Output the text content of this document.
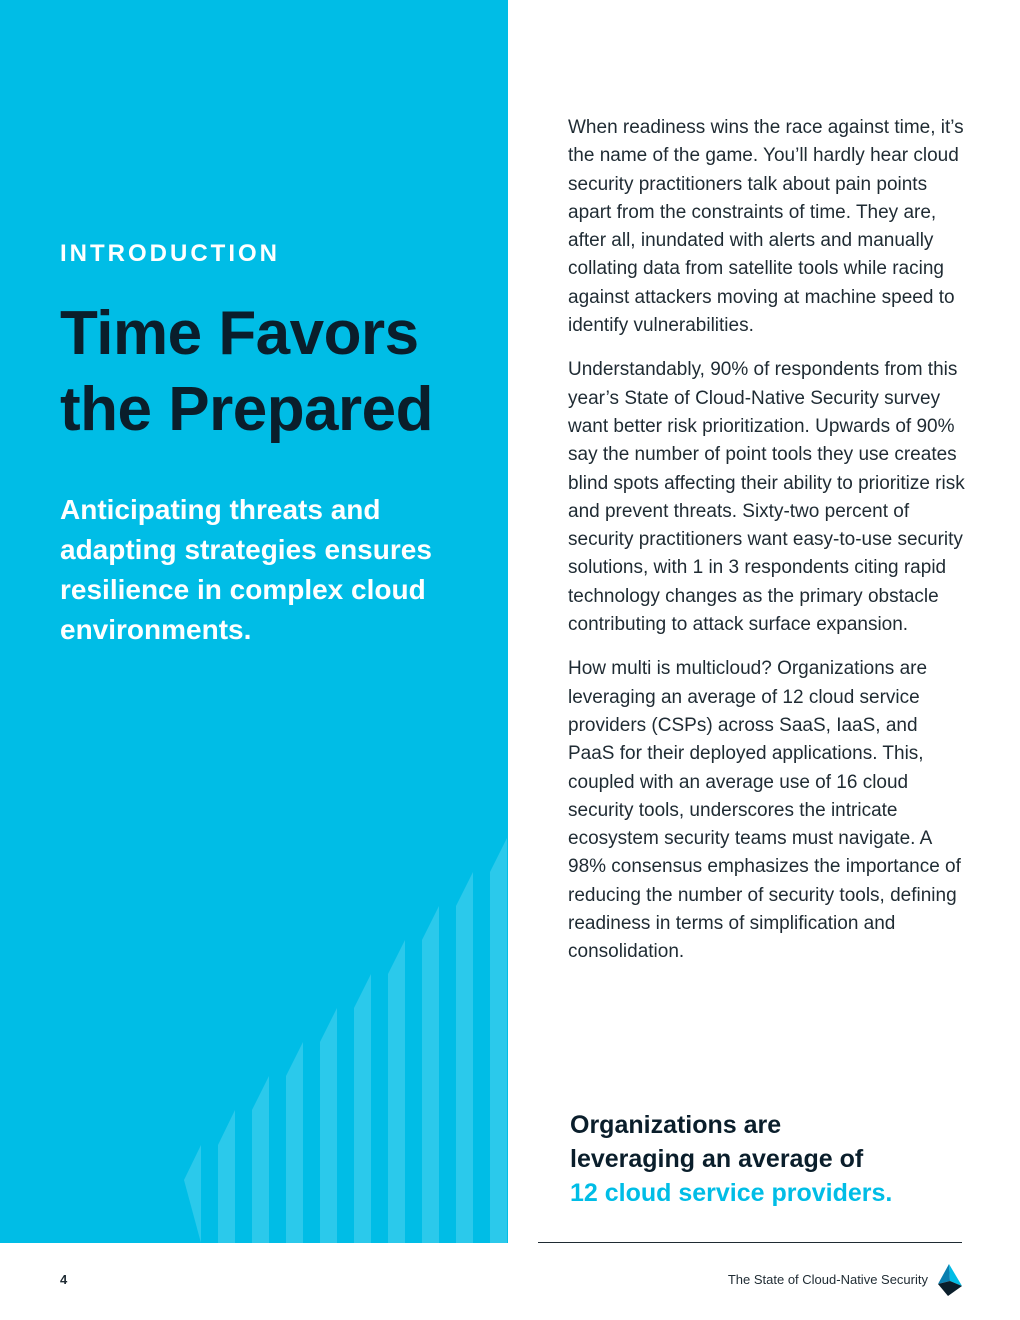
INTRODUCTION

Time Favors the Prepared

Anticipating threats and adapting strategies ensures resilience in complex cloud environments.

When readiness wins the race against time, it’s the name of the game. You’ll hardly hear cloud security practitioners talk about pain points apart from the constraints of time. They are, after all, inundated with alerts and manually collating data from satellite tools while racing against attackers moving at machine speed to identify vulnerabilities.

Understandably, 90% of respondents from this year’s State of Cloud-Native Security survey want better risk prioritization. Upwards of 90% say the number of point tools they use creates blind spots affecting their ability to prioritize risk and prevent threats. Sixty-two percent of security practitioners want easy-to-use security solutions, with 1 in 3 respondents citing rapid technology changes as the primary obstacle contributing to attack surface expansion.

How multi is multicloud? Organizations are leveraging an average of 12 cloud service providers (CSPs) across SaaS, IaaS, and PaaS for their deployed applications. This, coupled with an average use of 16 cloud security tools, underscores the intricate ecosystem security teams must navigate. A 98% consensus emphasizes the importance of reducing the number of security tools, defining readiness in terms of simplification and consolidation.

Organizations are
leveraging an average of
12 cloud service providers.
4	The State of Cloud-Native Security
